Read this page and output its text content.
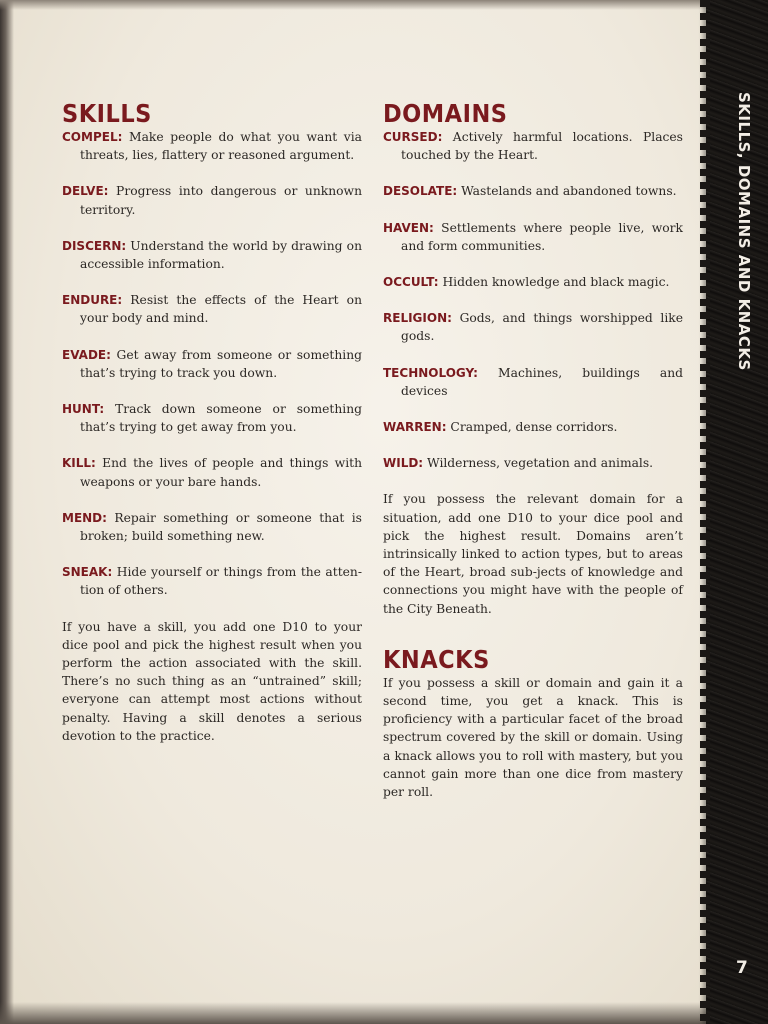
SKILLS

COMPEL: Make people do what you want via threats, lies, flattery or reasoned argument.

DELVE: Progress into dangerous or unknown territory.

DISCERN: Understand the world by drawing on accessible information.

ENDURE: Resist the effects of the Heart on your body and mind.

EVADE: Get away from someone or something that’s trying to track you down.

HUNT: Track down someone or something that’s trying to get away from you.

KILL: End the lives of people and things with weapons or your bare hands.

MEND: Repair something or someone that is broken; build something new.

SNEAK: Hide yourself or things from the atten-tion of others.

If you have a skill, you add one D10 to your dice pool and pick the highest result when you perform the action associated with the skill. There’s no such thing as an “untrained” skill; everyone can attempt most actions without penalty. Having a skill denotes a serious devotion to the practice.

DOMAINS

CURSED: Actively harmful locations. Places touched by the Heart.

DESOLATE: Wastelands and abandoned towns.

HAVEN: Settlements where people live, work and form communities.

OCCULT: Hidden knowledge and black magic.

RELIGION: Gods, and things worshipped like gods.

TECHNOLOGY: Machines, buildings and devices

WARREN: Cramped, dense corridors.

WILD: Wilderness, vegetation and animals.

If you possess the relevant domain for a situation, add one D10 to your dice pool and pick the highest result. Domains aren’t intrinsically linked to action types, but to areas of the Heart, broad sub-jects of knowledge and connections you might have with the people of the City Beneath.

KNACKS

If you possess a skill or domain and gain it a second time, you get a knack. This is proficiency with a particular facet of the broad spectrum covered by the skill or domain. Using a knack allows you to roll with mastery, but you cannot gain more than one dice from mastery per roll.

SKILLS, DOMAINS AND KNACKS
7
